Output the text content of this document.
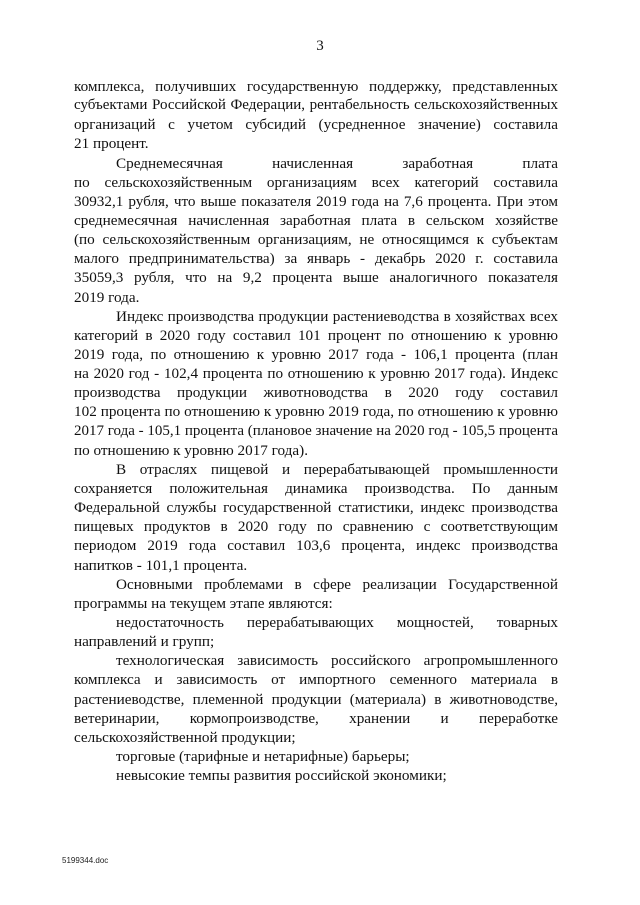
3
комплекса, получивших государственную поддержку, представленных
субъектами Российской Федерации, рентабельность сельскохозяйственных
организаций с учетом субсидий (усредненное значение) составила
21 процент.
Среднемесячная начисленная заработная плата
по сельскохозяйственным организациям всех категорий составила
30932,1 рубля, что выше показателя 2019 года на 7,6 процента. При этом
среднемесячная начисленная заработная плата в сельском хозяйстве
(по сельскохозяйственным организациям, не относящимся к субъектам
малого предпринимательства) за январь - декабрь 2020 г. составила
35059,3 рубля, что на 9,2 процента выше аналогичного показателя
2019 года.
Индекс производства продукции растениеводства в хозяйствах всех
категорий в 2020 году составил 101 процент по отношению к уровню
2019 года, по отношению к уровню 2017 года - 106,1 процента (план
на 2020 год - 102,4 процента по отношению к уровню 2017 года). Индекс
производства продукции животноводства в 2020 году составил
102 процента по отношению к уровню 2019 года, по отношению к уровню
2017 года - 105,1 процента (плановое значение на 2020 год - 105,5 процента
по отношению к уровню 2017 года).
В отраслях пищевой и перерабатывающей промышленности
сохраняется положительная динамика производства. По данным
Федеральной службы государственной статистики, индекс производства
пищевых продуктов в 2020 году по сравнению с соответствующим
периодом 2019 года составил 103,6 процента, индекс производства
напитков - 101,1 процента.
Основными проблемами в сфере реализации Государственной
программы на текущем этапе являются:
недостаточность перерабатывающих мощностей, товарных
направлений и групп;
технологическая зависимость российского агропромышленного
комплекса и зависимость от импортного семенного материала в
растениеводстве, племенной продукции (материала) в животноводстве,
ветеринарии, кормопроизводстве, хранении и переработке
сельскохозяйственной продукции;
торговые (тарифные и нетарифные) барьеры;
невысокие темпы развития российской экономики;
5199344.doc
